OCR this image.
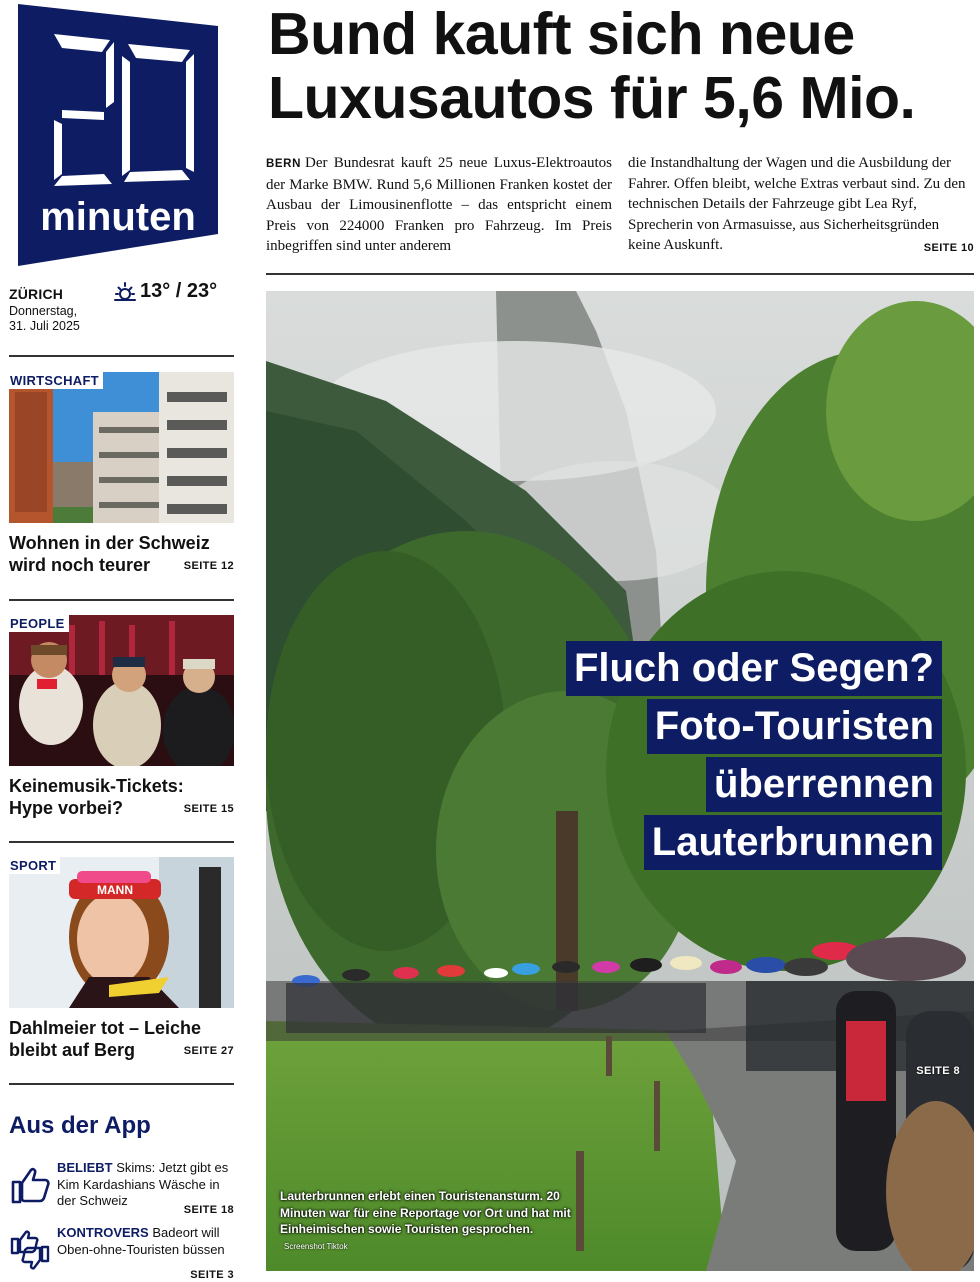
minuten
ZÜRICH
Donnerstag,
31. Juli 2025
13° / 23°
WIRTSCHAFT
Wohnen in der Schweiz
wird noch teurer	SEITE 12
PEOPLE
Keinemusik-Tickets:
Hype vorbei?	SEITE 15
MANN
SPORT
Dahlmeier tot – Leiche
bleibt auf Berg	SEITE 27
Aus der App
BELIEBT Skims: Jetzt gibt es Kim Kardashians Wäsche in der Schweiz
SEITE 18
KONTROVERS Badeort will Oben-ohne-Touristen büssen
SEITE 3
Bund kauft sich neue
Luxusautos für 5,6 Mio.
BERN Der Bundesrat kauft 25 neue Luxus-Elektroautos der Marke BMW. Rund 5,6 Millionen Franken kostet der Ausbau der Limousinenflotte – das entspricht einem Preis von 224000 Franken pro Fahrzeug. Im Preis inbegriffen sind unter anderem
die Instandhaltung der Wagen und die Ausbildung der Fahrer. Offen bleibt, welche Extras verbaut sind. Zu den technischen Details der Fahrzeuge gibt Lea Ryf, Sprecherin von Armasuisse, aus Sicherheitsgründen keine Auskunft.	SEITE 10
Fluch oder Segen?
Foto-Touristen
überrennen
Lauterbrunnen
SEITE 8
Lauterbrunnen erlebt einen Touristenansturm. 20 Minuten war für eine Reportage vor Ort und hat mit Einheimischen sowie Touristen gesprochen.
Screenshot Tiktok
